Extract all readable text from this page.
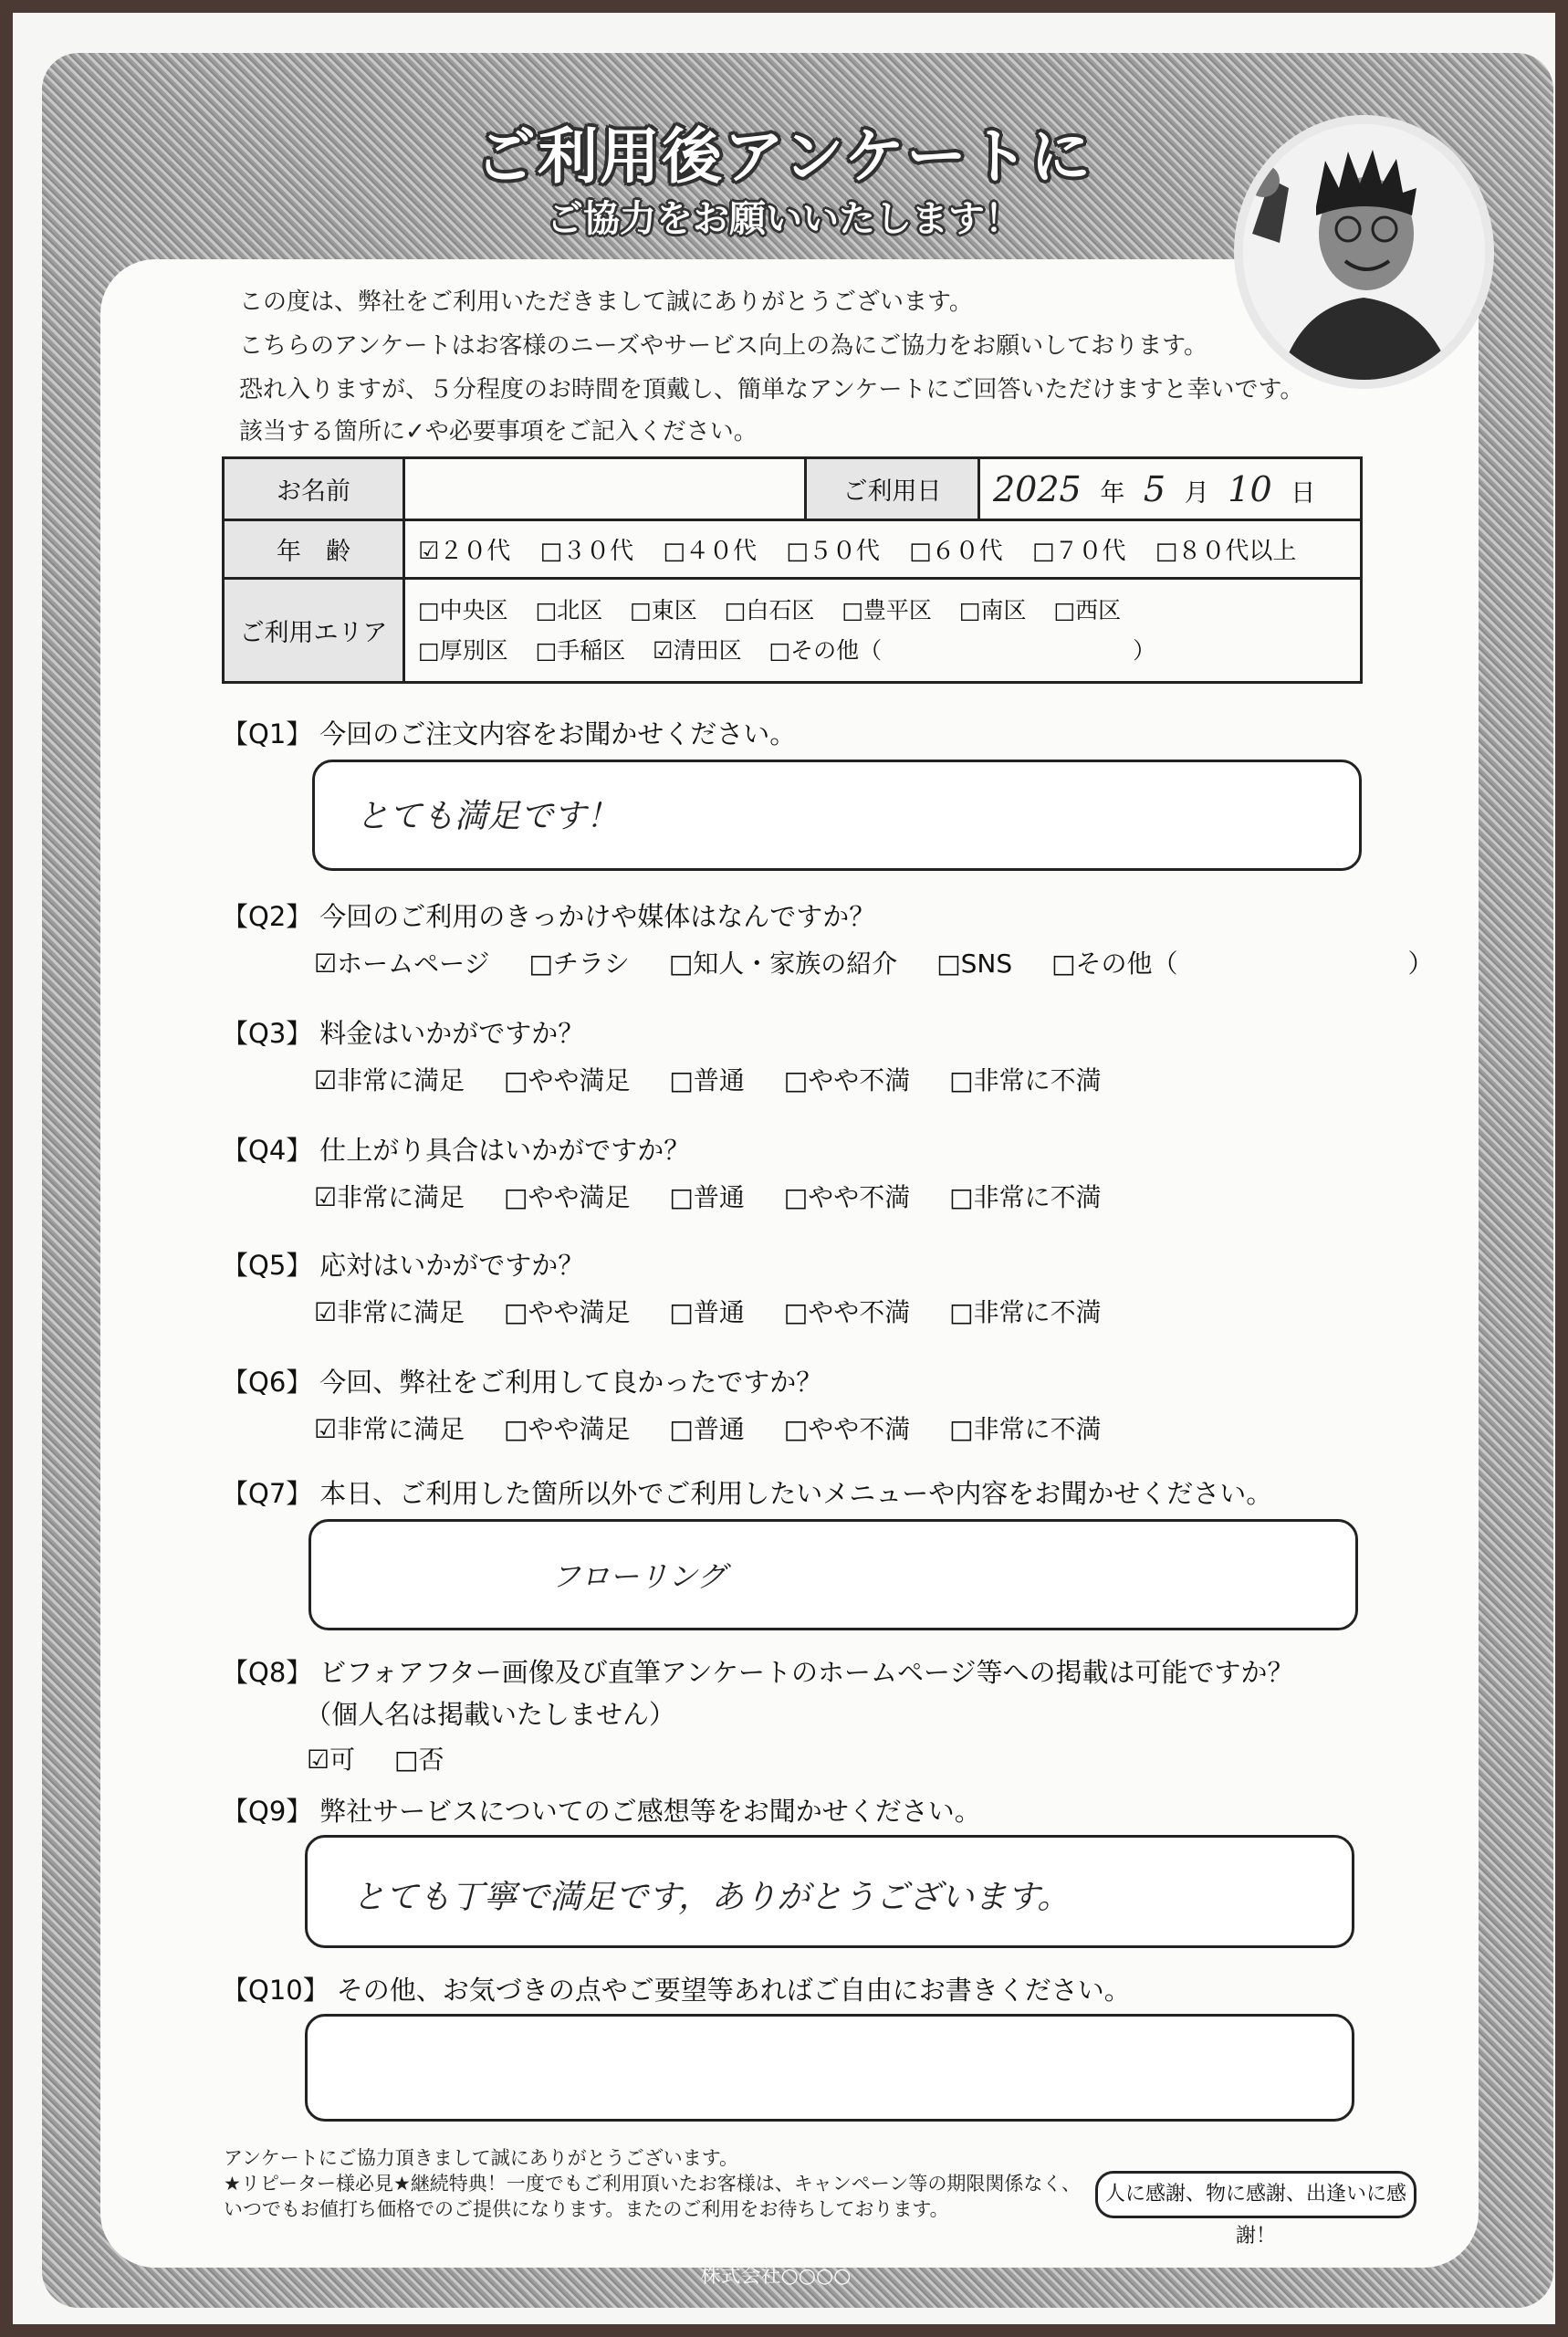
ご利用後アンケートに
ご協力をお願いいたします！
この度は、弊社をご利用いただきまして誠にありがとうございます。
こちらのアンケートはお客様のニーズやサービス向上の為にご協力をお願いしております。
恐れ入りますが、５分程度のお時間を頂戴し、簡単なアンケートにご回答いただけますと幸いです。
該当する箇所に✓や必要事項をご記入ください。
お名前		ご利用日	2025 年 5 月 10 日
年　齢	☑２０代 □３０代 □４０代 □５０代 □６０代 □７０代 □８０代以上		
ご利用エリア	□中央区 □北区 □東区 □白石区 □豊平区 □南区 □西区
□厚別区 □手稲区 ☑清田区 □その他（　　　　　　　　　　　）		
【Q1】 今回のご注文内容をお聞かせください。
とても満足です！
【Q2】 今回のご利用のきっかけや媒体はなんですか？
☑ホームページ □チラシ □知人・家族の紹介 □SNS □その他（　　　　　　　　　）
【Q3】 料金はいかがですか？
☑非常に満足 □やや満足 □普通 □やや不満 □非常に不満
【Q4】 仕上がり具合はいかがですか？
☑非常に満足 □やや満足 □普通 □やや不満 □非常に不満
【Q5】 応対はいかがですか？
☑非常に満足 □やや満足 □普通 □やや不満 □非常に不満
【Q6】 今回、弊社をご利用して良かったですか？
☑非常に満足 □やや満足 □普通 □やや不満 □非常に不満
【Q7】 本日、ご利用した箇所以外でご利用したいメニューや内容をお聞かせください。
フローリング
【Q8】 ビフォアフター画像及び直筆アンケートのホームページ等への掲載は可能ですか？
（個人名は掲載いたしません）
☑可 □否
【Q9】 弊社サービスについてのご感想等をお聞かせください。
とても丁寧で満足です，ありがとうございます。
【Q10】 その他、お気づきの点やご要望等あればご自由にお書きください。
アンケートにご協力頂きまして誠にありがとうございます。
★リピーター様必見★継続特典！一度でもご利用頂いたお客様は、キャンペーン等の期限関係なく、
いつでもお値打ち価格でのご提供になります。またのご利用をお待ちしております。
人に感謝、物に感謝、出逢いに感謝！
株式会社○○○○
